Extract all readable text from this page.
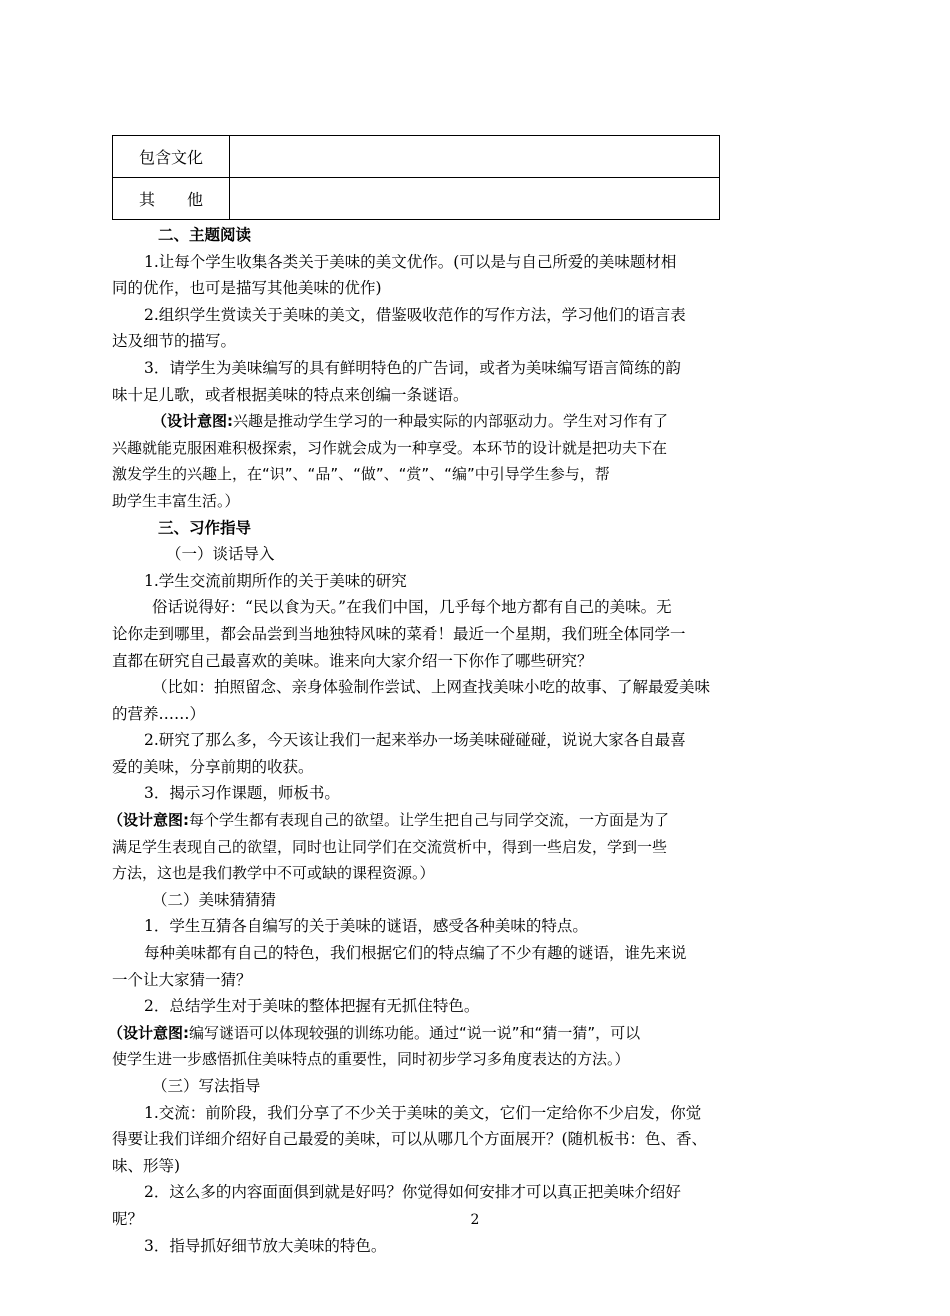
包含文化	
其　　他	
二、主题阅读
1.让每个学生收集各类关于美味的美文优作。(可以是与自己所爱的美味题材相
同的优作，也可是描写其他美味的优作)
2.组织学生赏读关于美味的美文，借鉴吸收范作的写作方法，学习他们的语言表
达及细节的描写。
3．请学生为美味编写的具有鲜明特色的广告词，或者为美味编写语言简练的韵
味十足儿歌，或者根据美味的特点来创编一条谜语。
（设计意图:兴趣是推动学生学习的一种最实际的内部驱动力。学生对习作有了
兴趣就能克服困难积极探索，习作就会成为一种享受。本环节的设计就是把功夫下在
激发学生的兴趣上，在“识”、“品”、“做”、“赏”、“编”中引导学生参与，帮
助学生丰富生活。）
三、习作指导
（一）谈话导入
1.学生交流前期所作的关于美味的研究
俗话说得好：“民以食为天。”在我们中国，几乎每个地方都有自己的美味。无
论你走到哪里，都会品尝到当地独特风味的菜肴！最近一个星期，我们班全体同学一
直都在研究自己最喜欢的美味。谁来向大家介绍一下你作了哪些研究？
（比如：拍照留念、亲身体验制作尝试、上网查找美味小吃的故事、了解最爱美味
的营养……）
2.研究了那么多，今天该让我们一起来举办一场美味碰碰碰，说说大家各自最喜
爱的美味，分享前期的收获。
3．揭示习作课题，师板书。
（设计意图:每个学生都有表现自己的欲望。让学生把自己与同学交流，一方面是为了
满足学生表现自己的欲望，同时也让同学们在交流赏析中，得到一些启发，学到一些
方法，这也是我们教学中不可或缺的课程资源。）
（二）美味猜猜猜
1．学生互猜各自编写的关于美味的谜语，感受各种美味的特点。
每种美味都有自己的特色，我们根据它们的特点编了不少有趣的谜语，谁先来说
一个让大家猜一猜？
2．总结学生对于美味的整体把握有无抓住特色。
（设计意图:编写谜语可以体现较强的训练功能。通过“说一说”和“猜一猜”，可以
使学生进一步感悟抓住美味特点的重要性，同时初步学习多角度表达的方法。）
（三）写法指导
1.交流：前阶段，我们分享了不少关于美味的美文，它们一定给你不少启发，你觉
得要让我们详细介绍好自己最爱的美味，可以从哪几个方面展开？(随机板书：色、香、
味、形等)
2．这么多的内容面面俱到就是好吗？你觉得如何安排才可以真正把美味介绍好
呢？
3．指导抓好细节放大美味的特色。
2
